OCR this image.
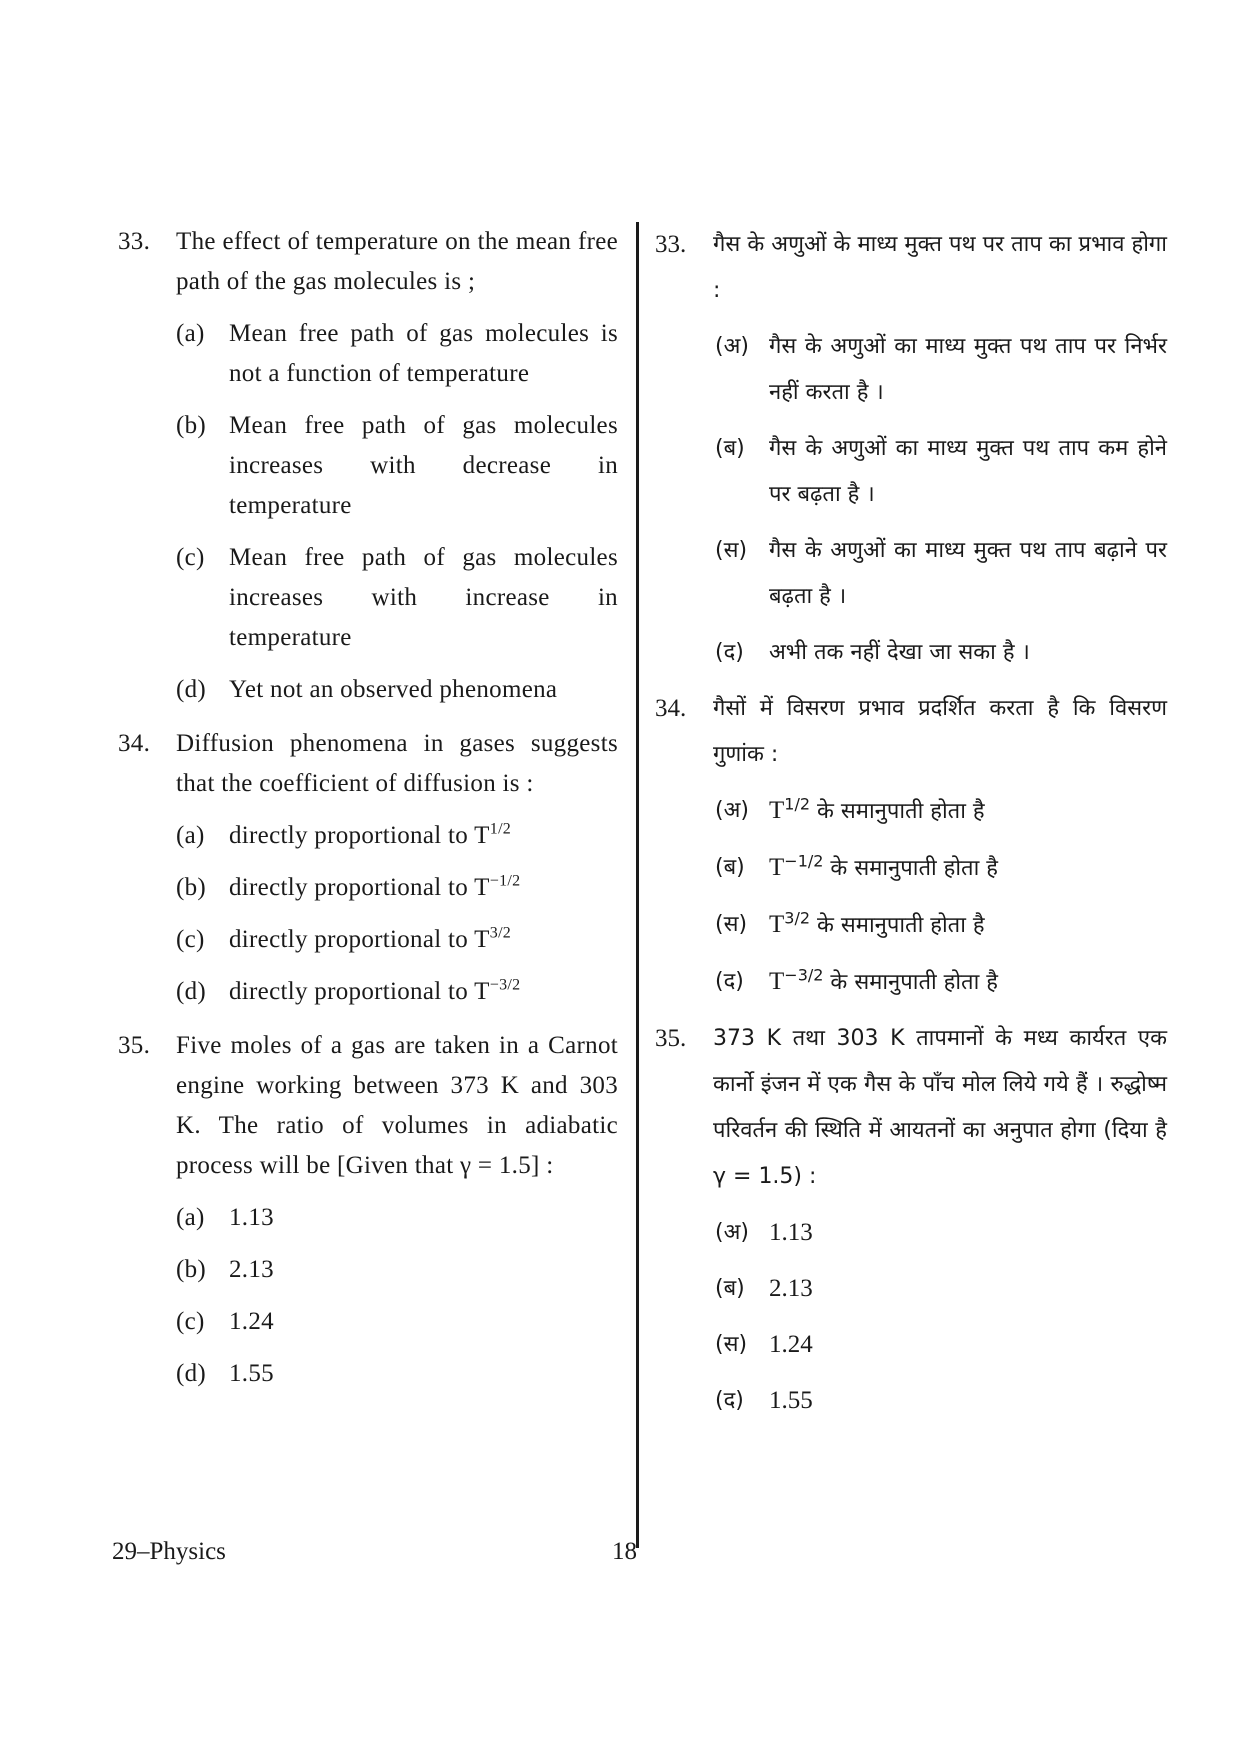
33.	The effect of temperature on the mean free path of the gas molecules is ;
(a) Mean free path of gas molecules is not a function of temperature
(b) Mean free path of gas molecules increases with decrease in temperature
(c) Mean free path of gas molecules increases with increase in temperature
(d) Yet not an observed phenomena
34.	Diffusion phenomena in gases suggests that the coefficient of diffusion is :
(a) directly proportional to $T^{1/2}$
(b) directly proportional to $T^{-1/2}$
(c) directly proportional to $T^{3/2}$
(d) directly proportional to $T^{-3/2}$
35.	Five moles of a gas are taken in a Carnot engine working between 373 K and 303 K. The ratio of volumes in adiabatic process will be [Given that γ = 1.5] :
(a) 1.13
(b) 2.13
(c) 1.24
(d) 1.55
33.	गैस के अणुओं के माध्य मुक्त पथ पर ताप का प्रभाव होगा :
(अ) गैस के अणुओं का माध्य मुक्त पथ ताप पर निर्भर नहीं करता है ।
(ब)	गैस के अणुओं का माध्य मुक्त पथ ताप कम होने पर बढ़ता है ।
(स) गैस के अणुओं का माध्य मुक्त पथ ताप बढ़ाने पर बढ़ता है ।
(द)	अभी तक नहीं देखा जा सका है ।
34.	गैसों में विसरण प्रभाव प्रदर्शित करता है कि विसरण गुणांक :
(अ) $T^{1/2}$ के समानुपाती होता है
(ब) $T^{-1/2}$ के समानुपाती होता है
(स) $T^{3/2}$ के समानुपाती होता है
(द)	$T^{-3/2}$ के समानुपाती होता है
35.	373 K तथा 303 K तापमानों के मध्य कार्यरत एक कार्नो इंजन में एक गैस के पाँच मोल लिये गये हैं । रुद्धोष्म परिवर्तन की स्थिति में आयतनों का अनुपात होगा (दिया है γ = 1.5) :
(अ) 1.13
(ब) 2.13
(स) 1.24
(द)	1.55
29–Physics	18
